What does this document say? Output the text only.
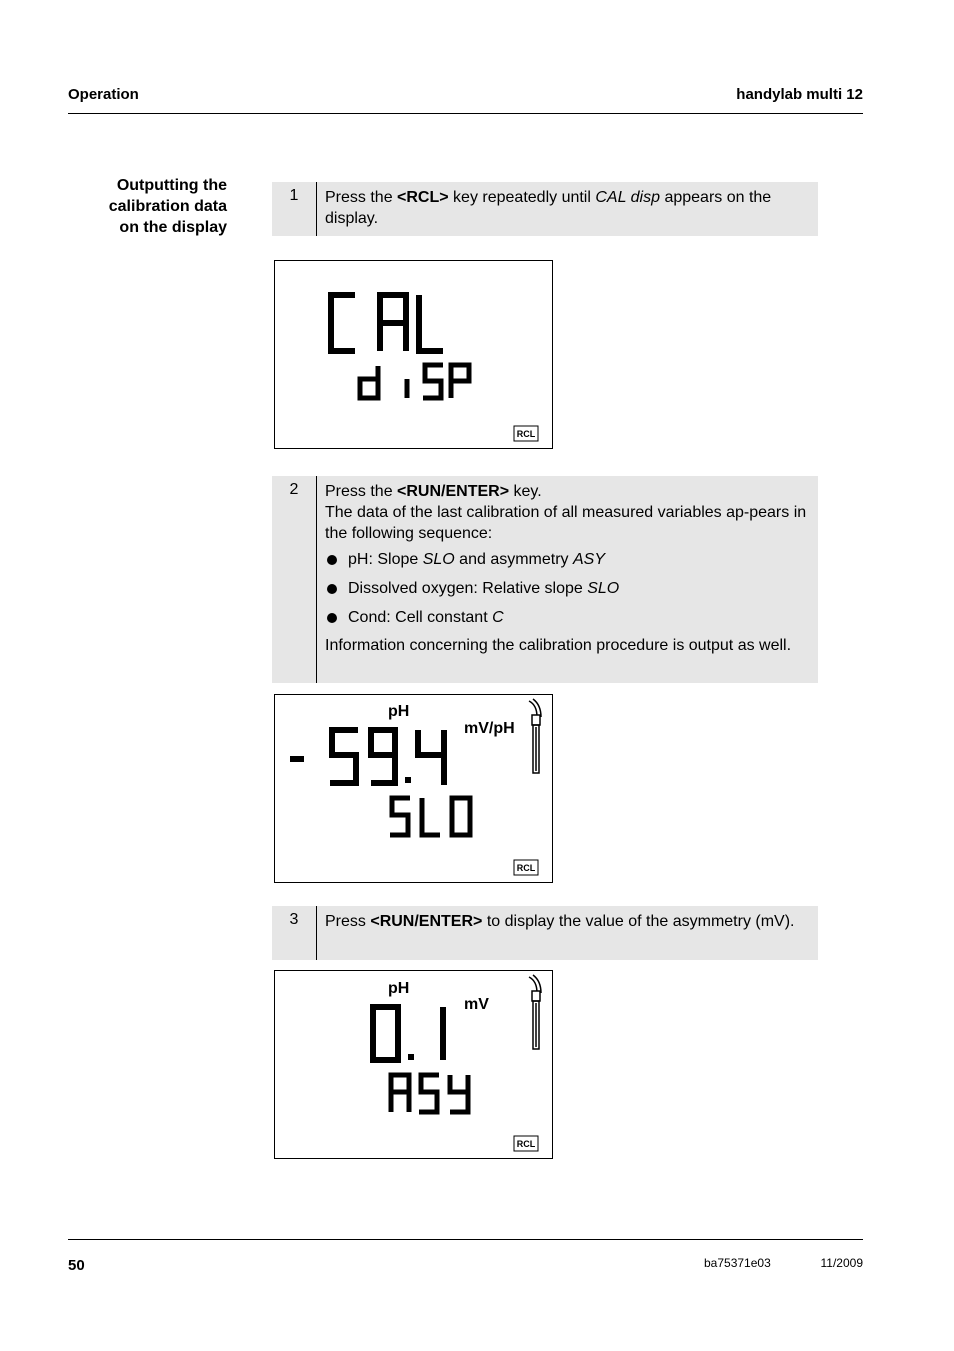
Operation	handylab multi 12
Outputting the
calibration data
on the display
1	Press the <RCL> key repeatedly until CAL disp appears on the display.
RCL
2	Press the <RUN/ENTER> key.
The data of the last calibration of all measured variables ap-pears in the following sequence:
pH: Slope SLO and asymmetry ASY
Dissolved oxygen: Relative slope SLO
Cond: Cell constant C
Information concerning the calibration procedure is output as well.
pH
mV/pH
RCL
3	Press <RUN/ENTER> to display the value of the asymmetry (mV).
pH
mV
RCL
50	ba75371e03	11/2009
